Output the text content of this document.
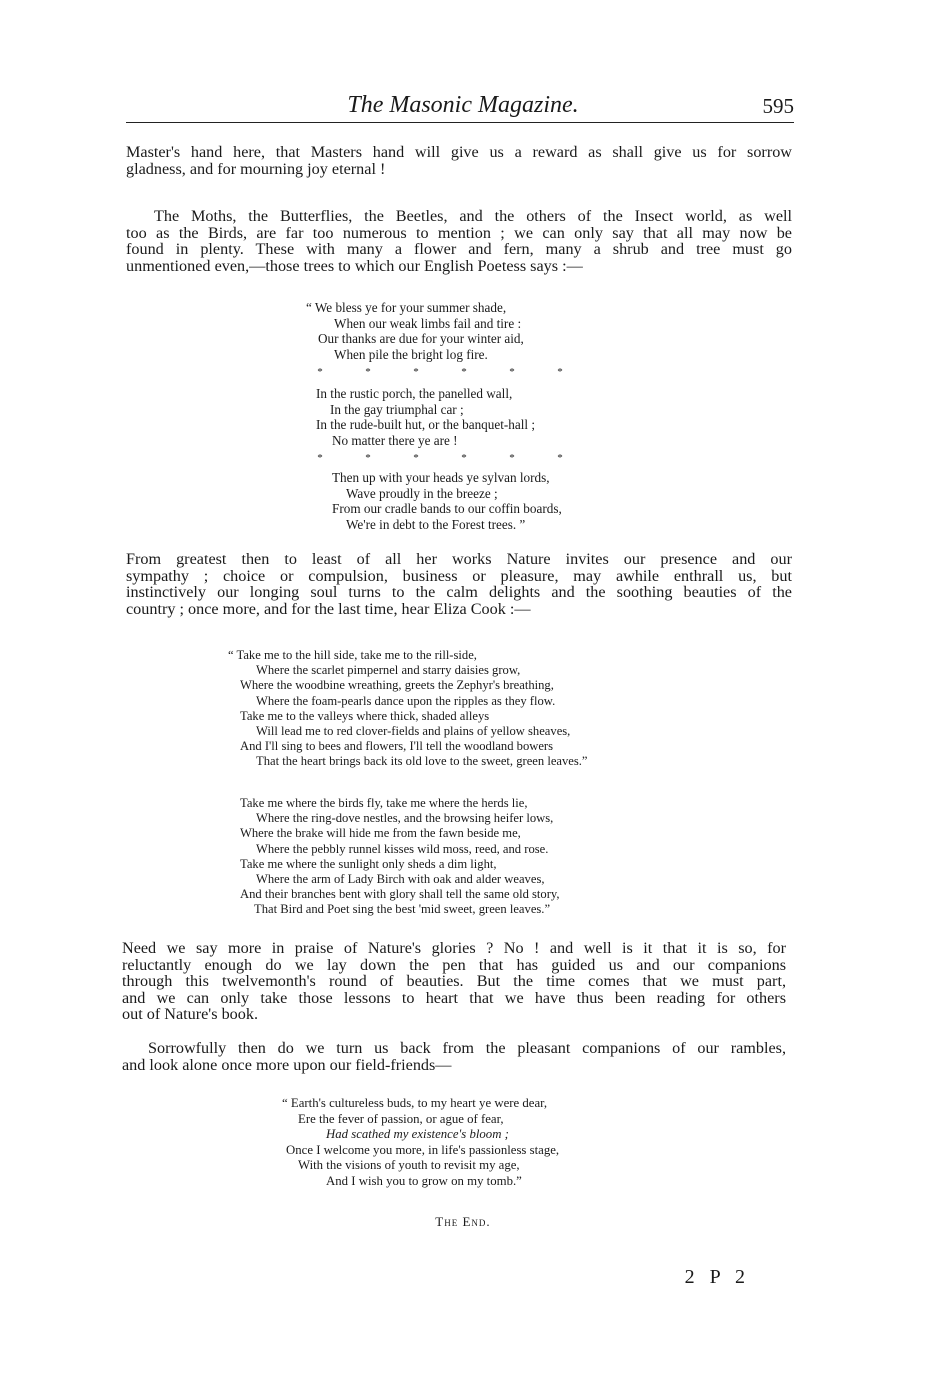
The Masonic Magazine.	595
Master's hand here, that Masters hand will give us a reward as shall give us for sorrow
gladness, and for mourning joy eternal !
The Moths, the Butterflies, the Beetles, and the others of the Insect world, as well
too as the Birds, are far too numerous to mention ; we can only say that all may now be
found in plenty. These with many a flower and fern, many a shrub and tree must go
unmentioned even,—those trees to which our English Poetess says :—
“ We bless ye for your summer shade,
When our weak limbs fail and tire :
Our thanks are due for your winter aid,
When pile the bright log fire.
*	*	*	*	*	*
In the rustic porch, the panelled wall,
In the gay triumphal car ;
In the rude-built hut, or the banquet-hall ;
No matter there ye are !
*	*	*	*	*	*
Then up with your heads ye sylvan lords,
Wave proudly in the breeze ;
From our cradle bands to our coffin boards,
We're in debt to the Forest trees. ”
From greatest then to least of all her works Nature invites our presence and our
sympathy ; choice or compulsion, business or pleasure, may awhile enthrall us, but
instinctively our longing soul turns to the calm delights and the soothing beauties of the
country ; once more, and for the last time, hear Eliza Cook :—
“ Take me to the hill side, take me to the rill-side,
Where the scarlet pimpernel and starry daisies grow,
Where the woodbine wreathing, greets the Zephyr's breathing,
Where the foam-pearls dance upon the ripples as they flow.
Take me to the valleys where thick, shaded alleys
Will lead me to red clover-fields and plains of yellow sheaves,
And I'll sing to bees and flowers, I'll tell the woodland bowers
That the heart brings back its old love to the sweet, green leaves.”
Take me where the birds fly, take me where the herds lie,
Where the ring-dove nestles, and the browsing heifer lows,
Where the brake will hide me from the fawn beside me,
Where the pebbly runnel kisses wild moss, reed, and rose.
Take me where the sunlight only sheds a dim light,
Where the arm of Lady Birch with oak and alder weaves,
And their branches bent with glory shall tell the same old story,
That Bird and Poet sing the best 'mid sweet, green leaves.”
Need we say more in praise of Nature's glories ? No ! and well is it that it is so, for
reluctantly enough do we lay down the pen that has guided us and our companions
through this twelvemonth's round of beauties. But the time comes that we must part,
and we can only take those lessons to heart that we have thus been reading for others
out of Nature's book.
Sorrowfully then do we turn us back from the pleasant companions of our rambles,
and look alone once more upon our field-friends—
“ Earth's cultureless buds, to my heart ye were dear,
Ere the fever of passion, or ague of fear,
Had scathed my existence's bloom ;
Once I welcome you more, in life's passionless stage,
With the visions of youth to revisit my age,
And I wish you to grow on my tomb.”
The End.
2 P 2
